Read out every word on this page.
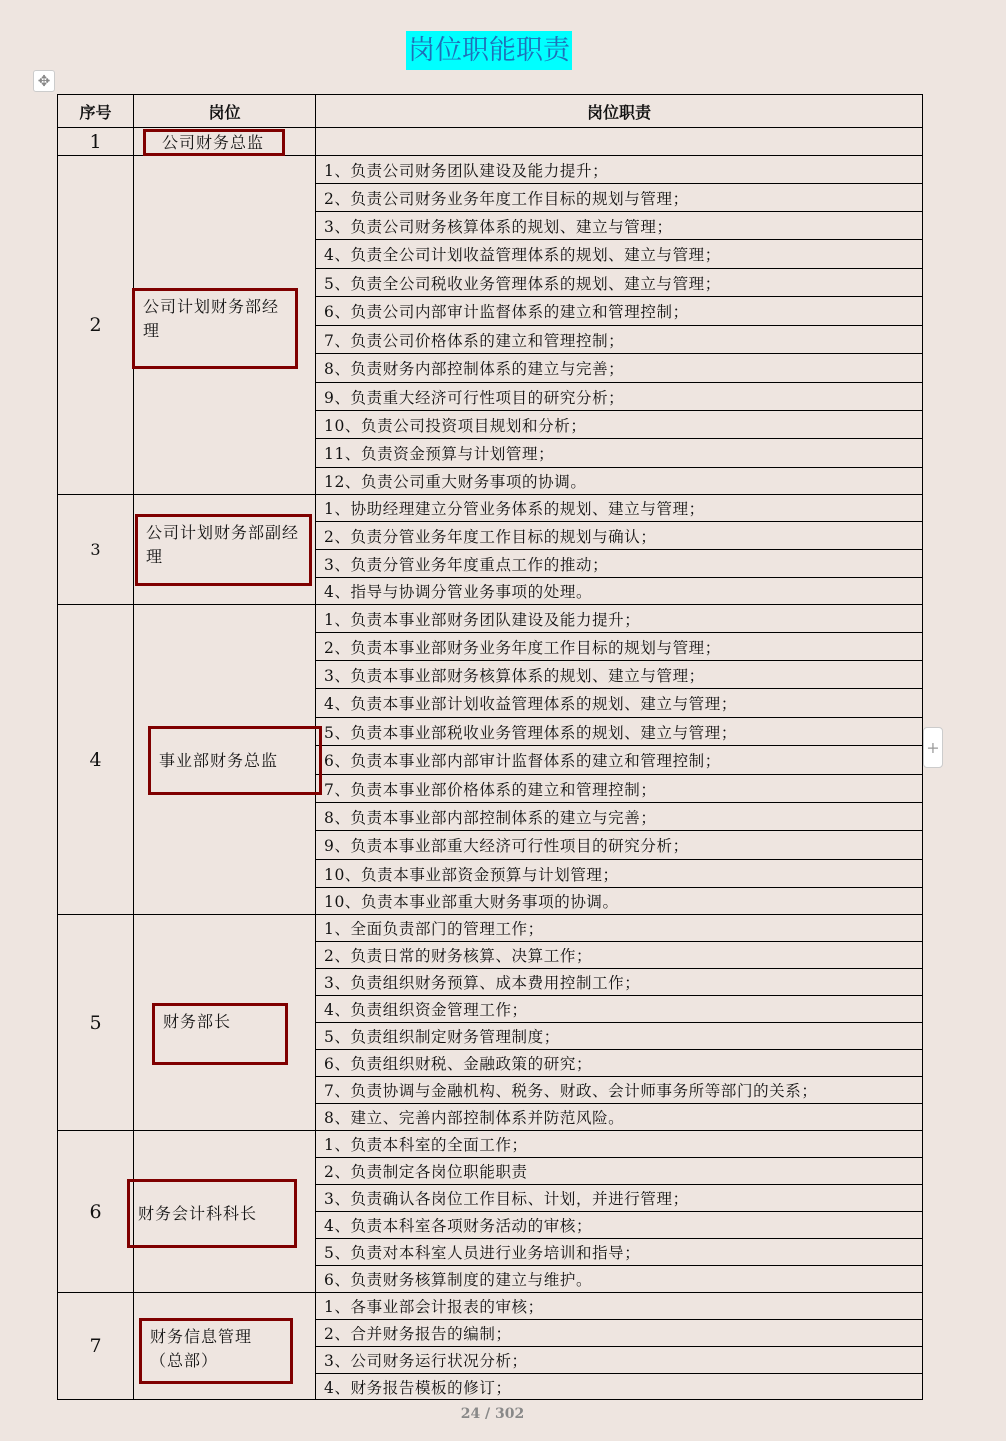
岗位职能职责
✥
+
序号	岗位	岗位职责
1	公司财务总监	

2	公司计划财务部经理	1、负责公司财务团队建设及能力提升；
		2、负责公司财务业务年度工作目标的规划与管理；
		3、负责公司财务核算体系的规划、建立与管理；
		4、负责全公司计划收益管理体系的规划、建立与管理；
		5、负责全公司税收业务管理体系的规划、建立与管理；
		6、负责公司内部审计监督体系的建立和管理控制；
		7、负责公司价格体系的建立和管理控制；
		8、负责财务内部控制体系的建立与完善；
		9、负责重大经济可行性项目的研究分析；
		10、负责公司投资项目规划和分析；
		11、负责资金预算与计划管理；
		12、负责公司重大财务事项的协调。
3	公司计划财务部副经理	1、协助经理建立分管业务体系的规划、建立与管理；
		2、负责分管业务年度工作目标的规划与确认；
		3、负责分管业务年度重点工作的推动；
		4、指导与协调分管业务事项的处理。
4	事业部财务总监	1、负责本事业部财务团队建设及能力提升；
		2、负责本事业部财务业务年度工作目标的规划与管理；
		3、负责本事业部财务核算体系的规划、建立与管理；
		4、负责本事业部计划收益管理体系的规划、建立与管理；
		5、负责本事业部税收业务管理体系的规划、建立与管理；
		6、负责本事业部内部审计监督体系的建立和管理控制；
		7、负责本事业部价格体系的建立和管理控制；
		8、负责本事业部内部控制体系的建立与完善；
		9、负责本事业部重大经济可行性项目的研究分析；
		10、负责本事业部资金预算与计划管理；
		10、负责本事业部重大财务事项的协调。
5	财务部长	1、全面负责部门的管理工作；
		2、负责日常的财务核算、决算工作；
		3、负责组织财务预算、成本费用控制工作；
		4、负责组织资金管理工作；
		5、负责组织制定财务管理制度；
		6、负责组织财税、金融政策的研究；
		7、负责协调与金融机构、税务、财政、会计师事务所等部门的关系；
		8、建立、完善内部控制体系并防范风险。
6	财务会计科科长	1、负责本科室的全面工作；
		2、负责制定各岗位职能职责
		3、负责确认各岗位工作目标、计划，并进行管理；
		4、负责本科室各项财务活动的审核；
		5、负责对本科室人员进行业务培训和指导；
		6、负责财务核算制度的建立与维护。
7	财务信息管理（总部）	1、各事业部会计报表的审核；
		2、合并财务报告的编制；
		3、公司财务运行状况分析；
		4、财务报告模板的修订；
24 / 302
